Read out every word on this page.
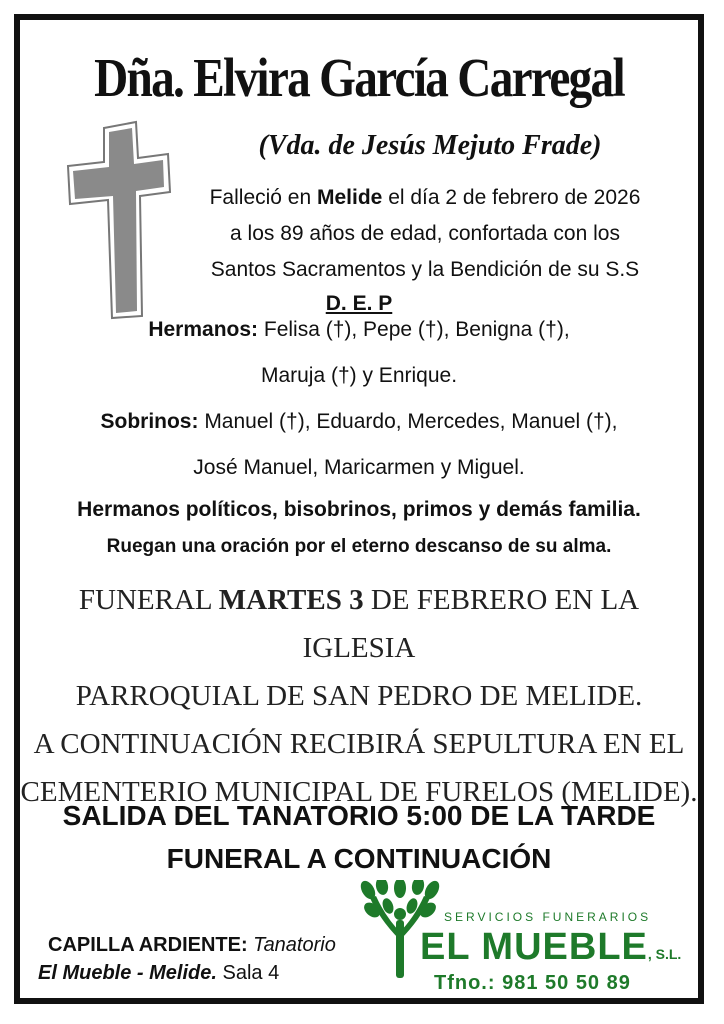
Dña. Elvira García Carregal
(Vda. de Jesús Mejuto Frade)
Falleció en Melide el día 2 de febrero de 2026
a los 89 años de edad, confortada con los
Santos Sacramentos y la Bendición de su S.S
D. E. P
Hermanos: Felisa (†), Pepe (†), Benigna (†),
Maruja (†) y Enrique.
Sobrinos: Manuel (†), Eduardo, Mercedes, Manuel (†),
José Manuel, Maricarmen y Miguel.
Hermanos políticos, bisobrinos, primos y demás familia.
Ruegan una oración por el eterno descanso de su alma.
FUNERAL MARTES 3 DE FEBRERO EN LA IGLESIA
PARROQUIAL DE SAN PEDRO DE MELIDE.
A CONTINUACIÓN RECIBIRÁ SEPULTURA EN EL
CEMENTERIO MUNICIPAL DE FURELOS (MELIDE).
SALIDA DEL TANATORIO 5:00 DE LA TARDE
FUNERAL A CONTINUACIÓN
CAPILLA ARDIENTE: Tanatorio
El Mueble - Melide. Sala 4
SERVICIOS FUNERARIOS
EL MUEBLE, S.L.
Tfno.: 981 50 50 89
